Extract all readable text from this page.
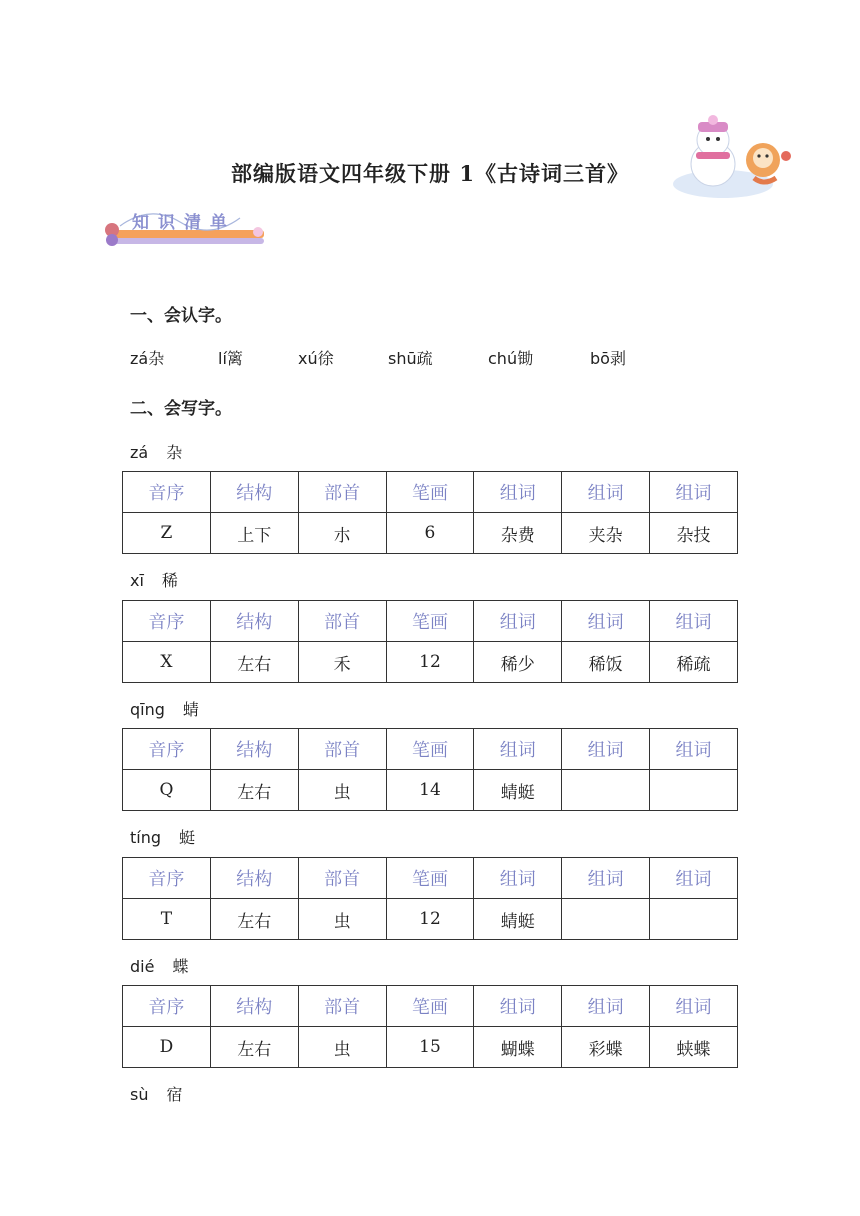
部编版语文四年级下册 1《古诗词三首》
知识清单
一、会认字。
zá杂	lí篱	xú徐	shū疏	chú锄	bō剥
二、会写字。
zá 杂
音序	结构	部首	笔画	组词	组词	组词
Z	上下	朩	6	杂费	夹杂	杂技
xī 稀
音序	结构	部首	笔画	组词	组词	组词
X	左右	禾	12	稀少	稀饭	稀疏
qīng 蜻
音序	结构	部首	笔画	组词	组词	组词
Q	左右	虫	14	蜻蜓		
tíng 蜓
音序	结构	部首	笔画	组词	组词	组词
T	左右	虫	12	蜻蜓		
dié 蝶
音序	结构	部首	笔画	组词	组词	组词
D	左右	虫	15	蝴蝶	彩蝶	蛱蝶
sù 宿
